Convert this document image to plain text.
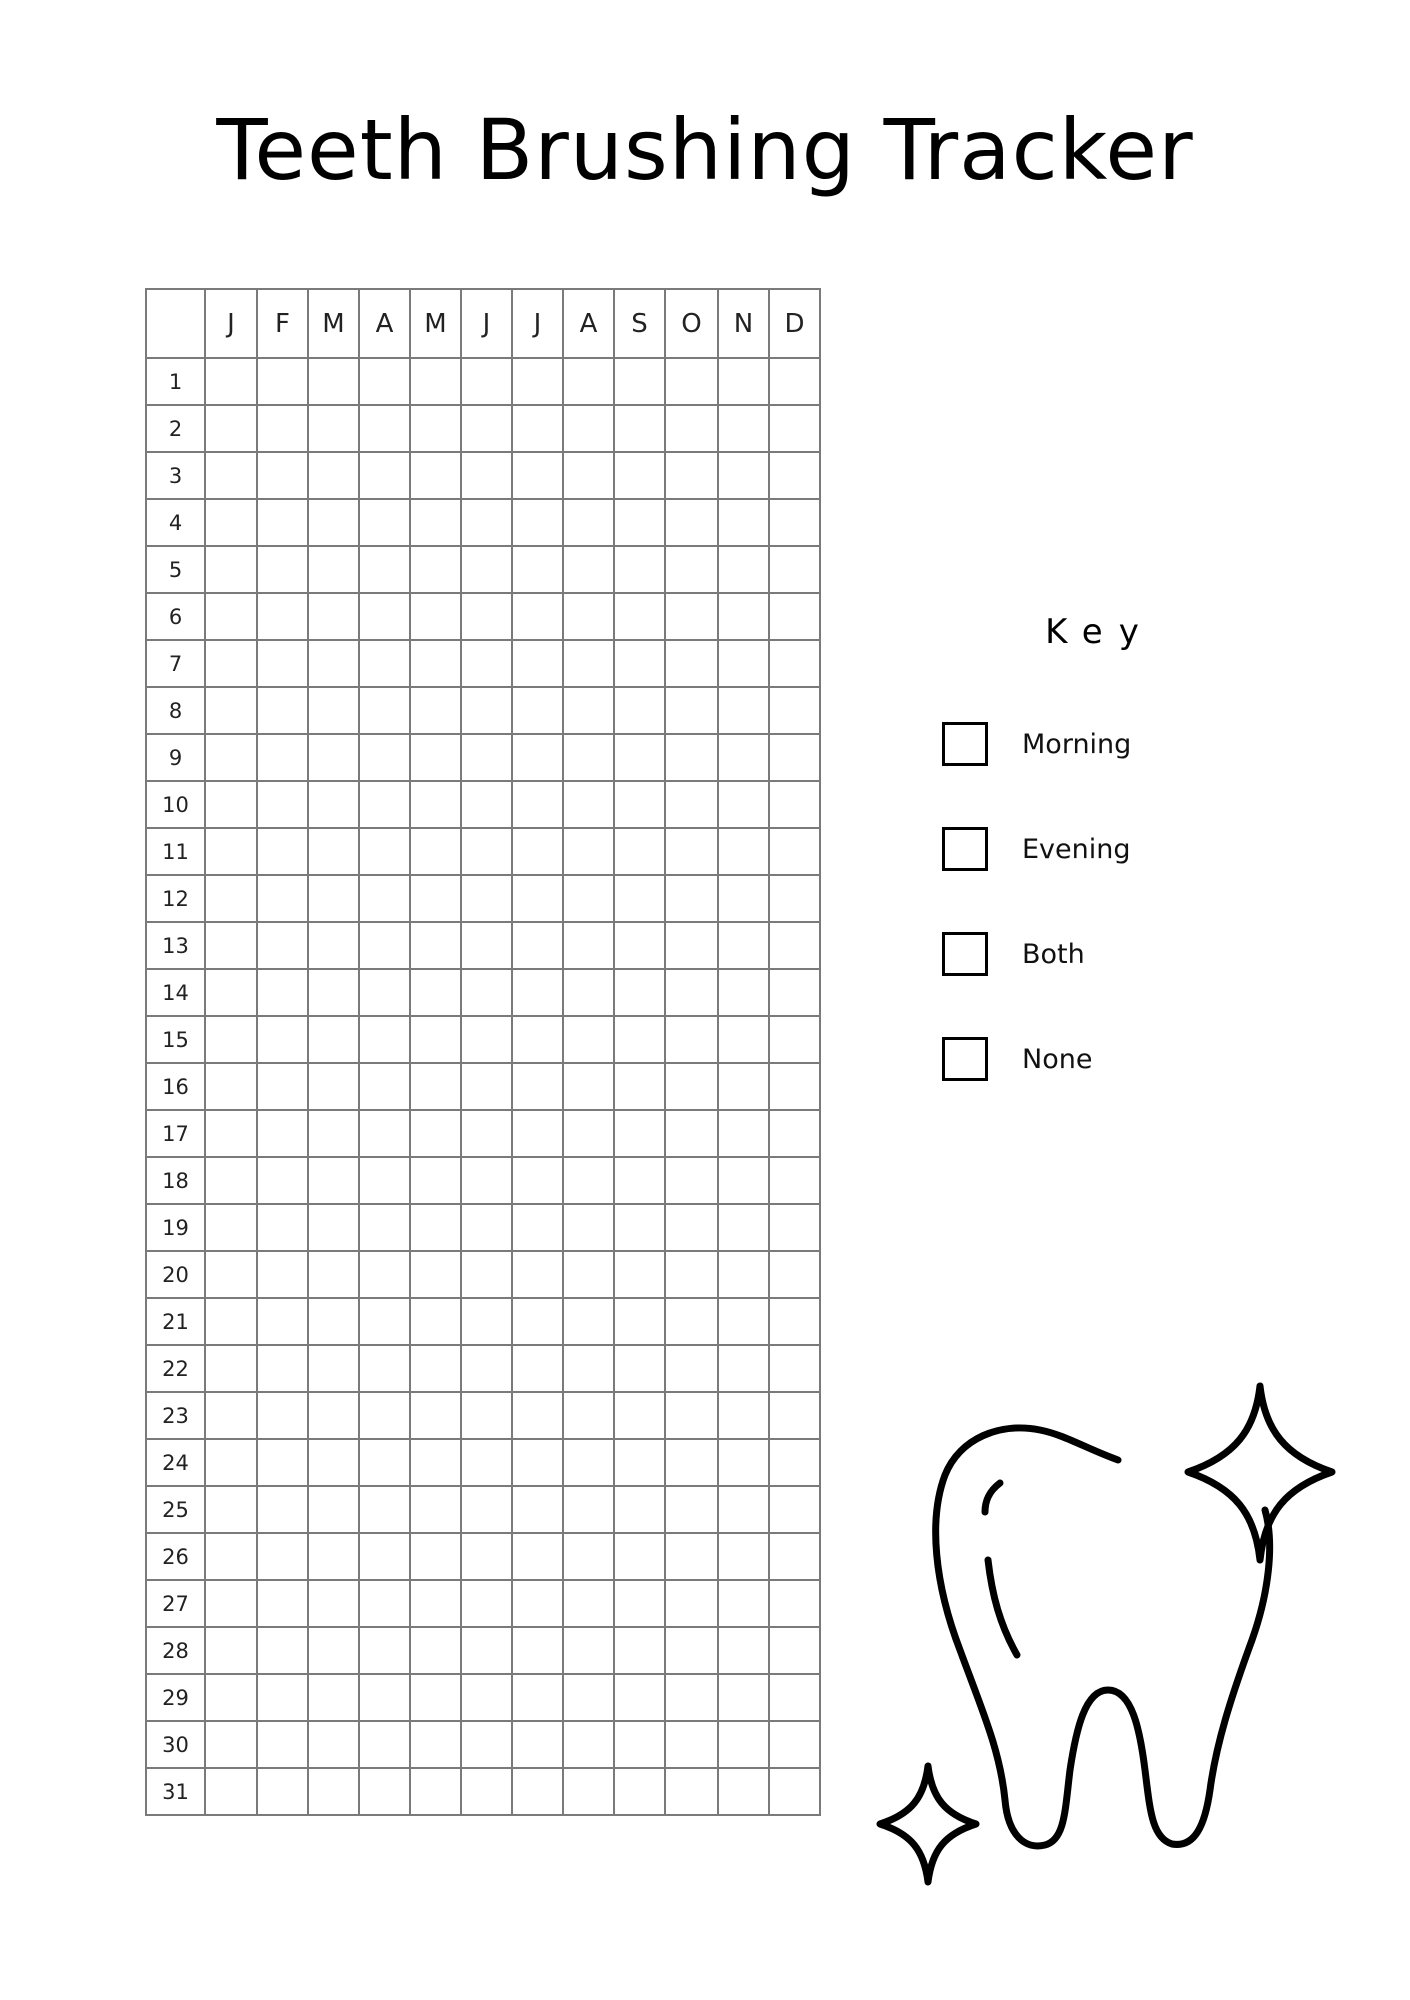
Teeth Brushing Tracker
	J	F	M	A	M	J	J	A	S	O	N	D
1												
2												
3												
4												
5												
6												
7												
8												
9												
10												
11												
12												
13												
14												
15												
16												
17												
18												
19												
20												
21												
22												
23												
24												
25												
26												
27												
28												
29												
30												
31												
Key
Morning
Evening
Both
None
